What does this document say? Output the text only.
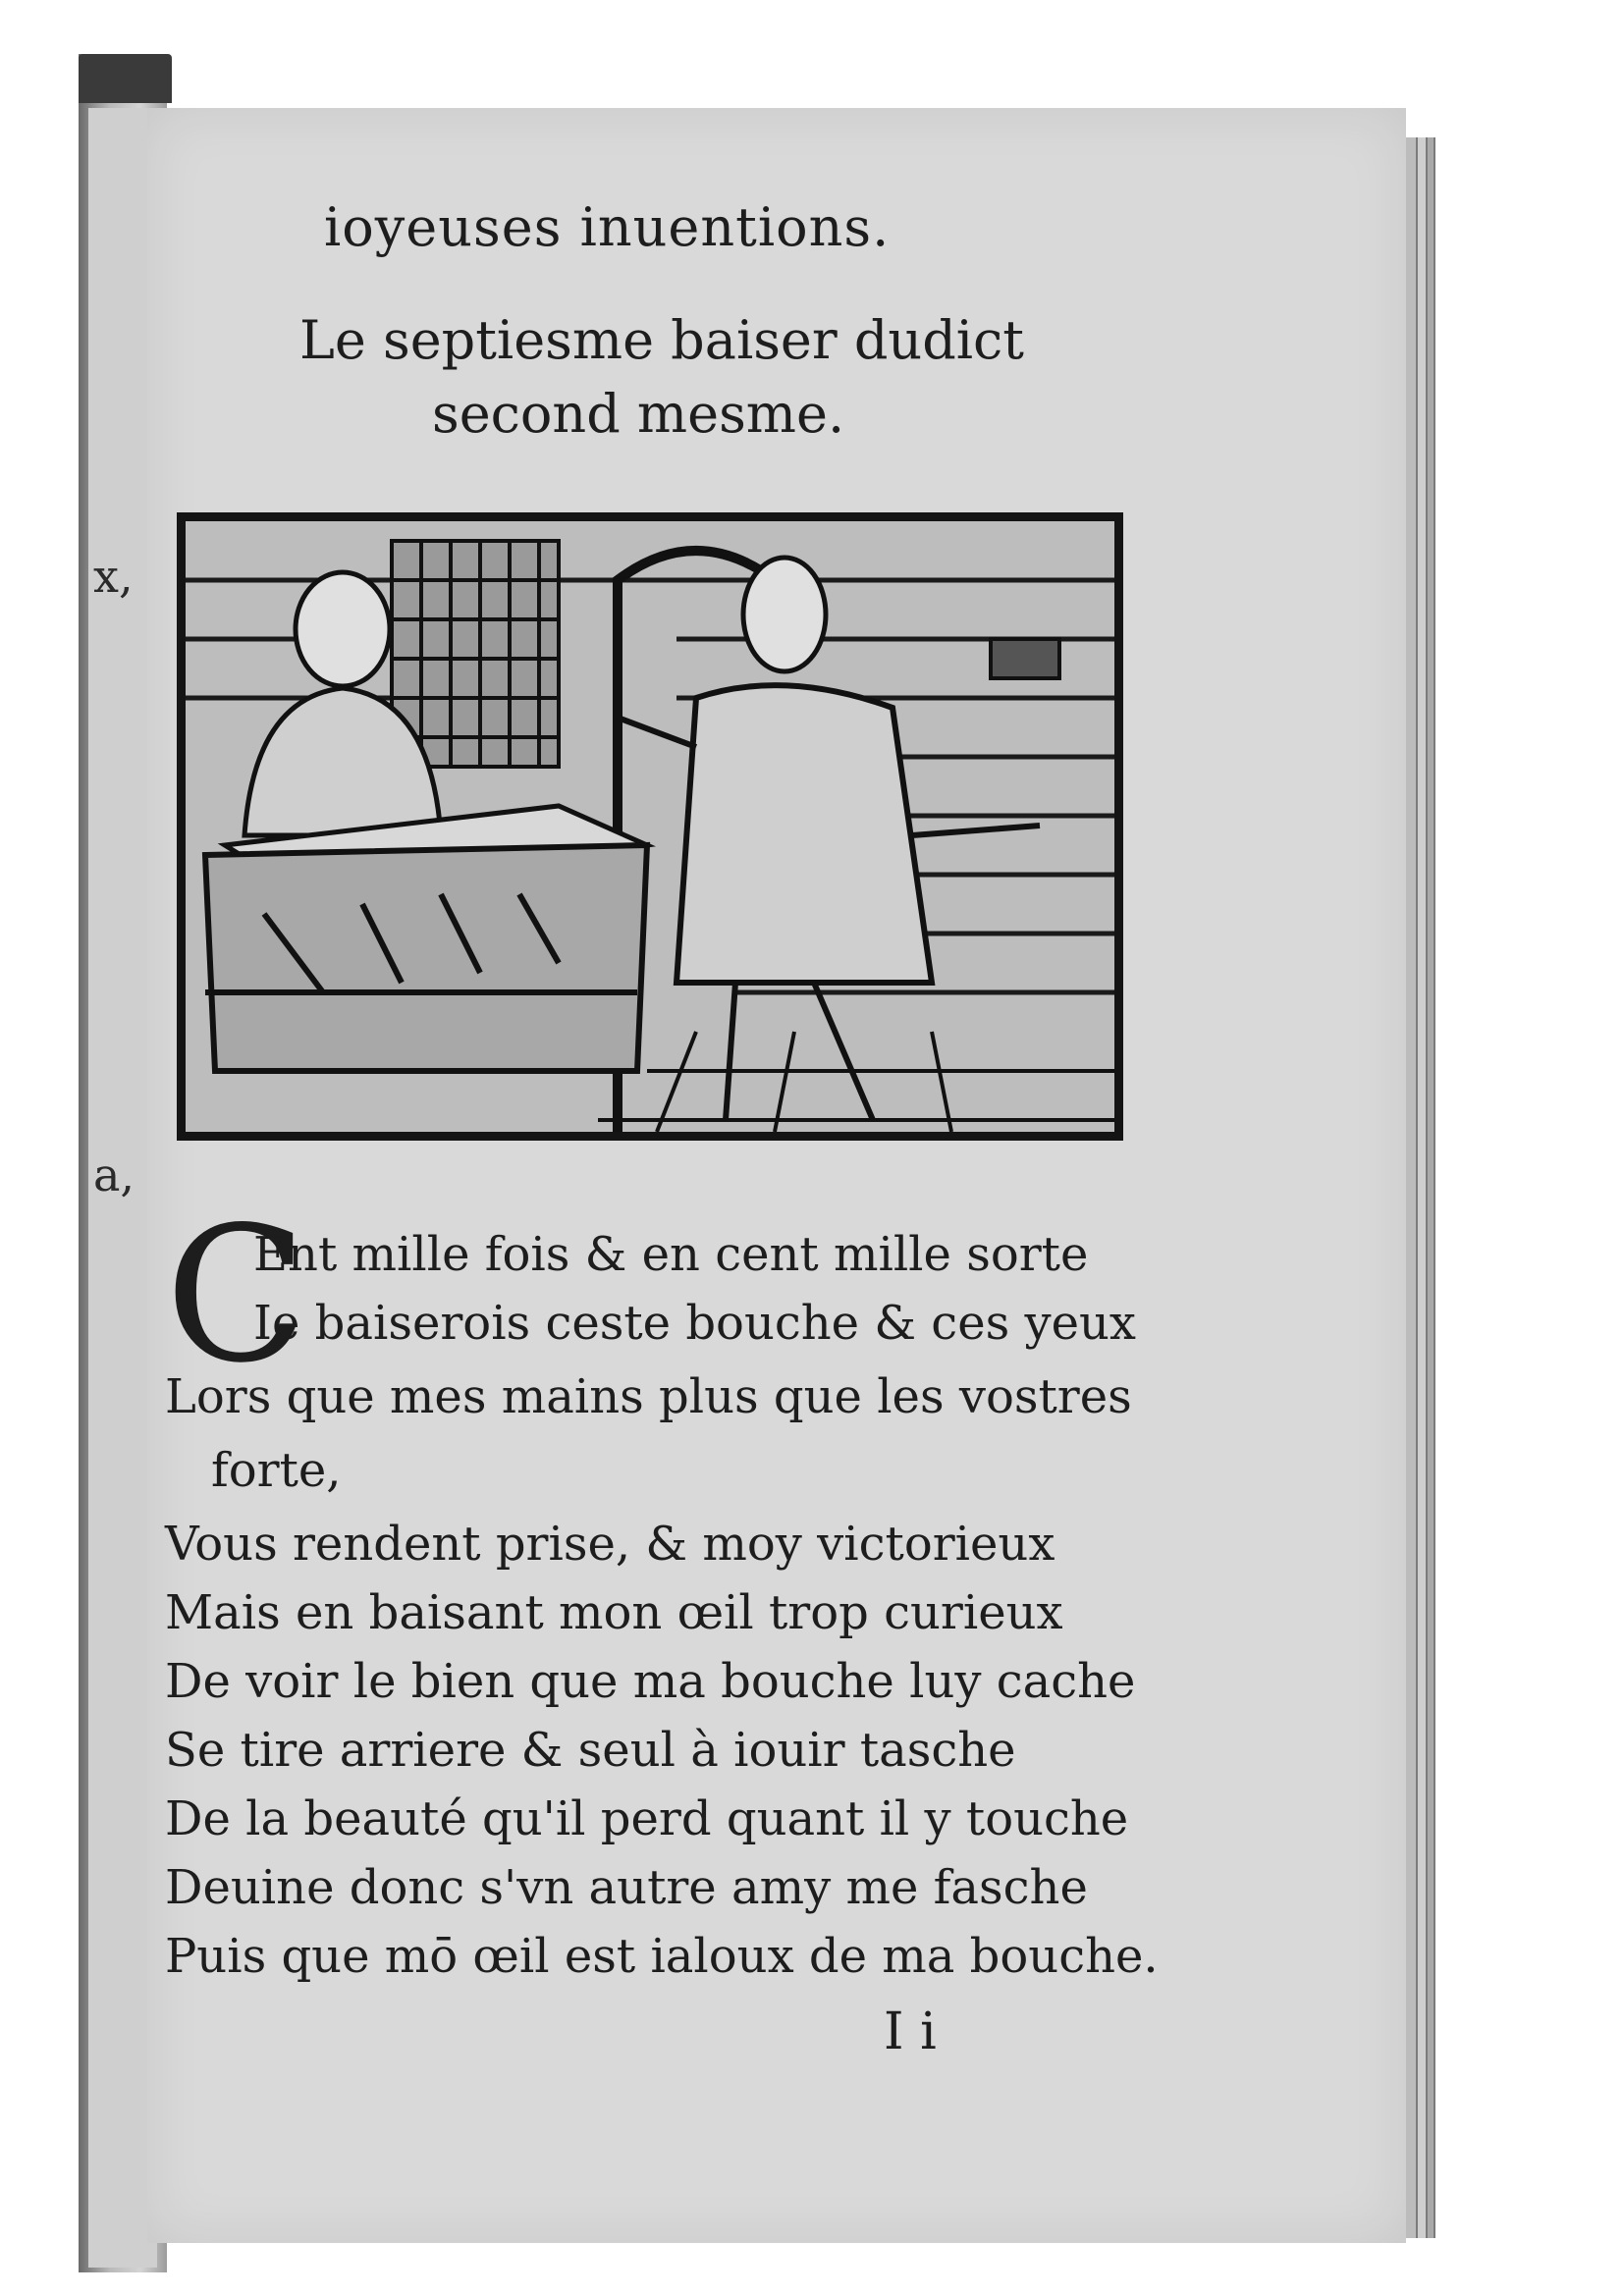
x,
a,
ioyeuses inuentions.
Le septiesme baiser dudict
second mesme.
C
Ent mille fois & en cent mille sorte
Ie baiserois ceste bouche & ces yeux
Lors que mes mains plus que les vostres
forte,
Vous rendent prise, & moy victorieux
Mais en baisant mon œil trop curieux
De voir le bien que ma bouche luy cache
Se tire arriere & seul à iouir tasche
De la beauté qu'il perd quant il y touche
Deuine donc s'vn autre amy me fasche
Puis que mō œil est ialoux de ma bouche.
I i
